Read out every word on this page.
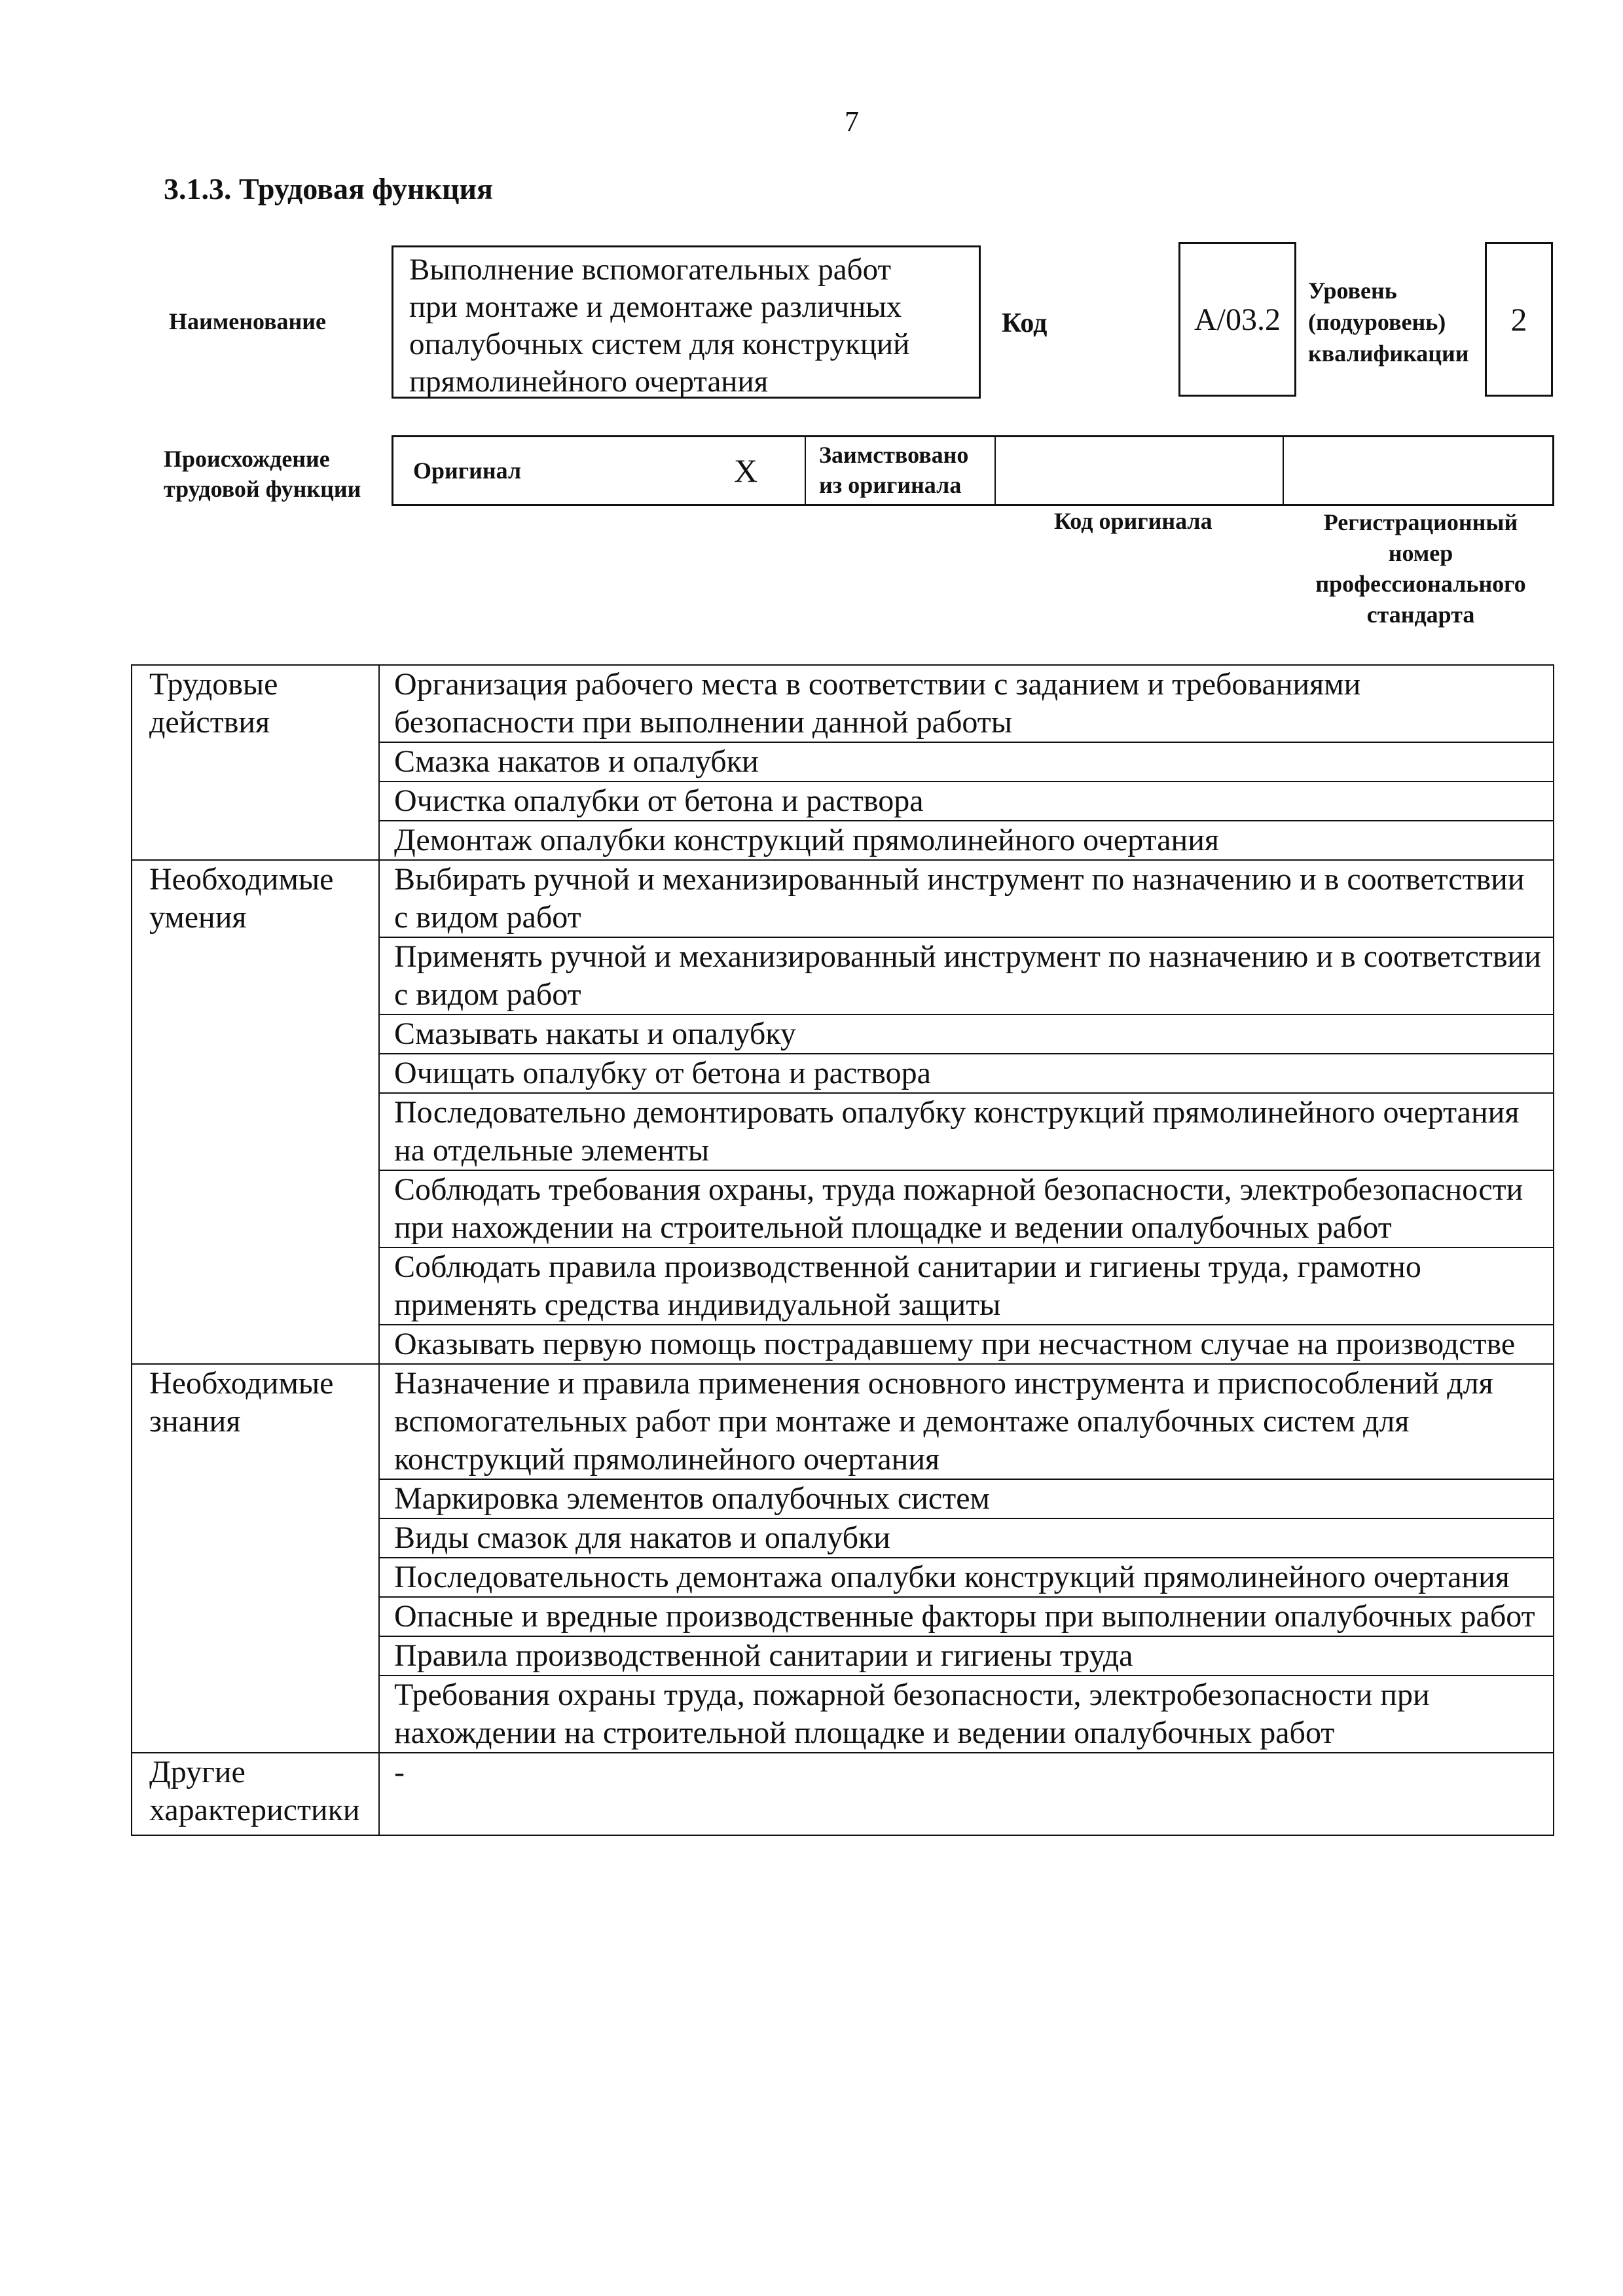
7
3.1.3. Трудовая функция
Наименование
Выполнение вспомогательных работ
при монтаже и демонтаже различных
опалубочных систем для конструкций
прямолинейного очертания
Код	А/03.2
Уровень
(подуровень)
квалификации
2
Происхождение
трудовой функции
Оригинал	X	Заимствовано
из оригинала
Код оригинала	Регистрационный
номер
профессионального
стандарта
Трудовые
действия	Организация рабочего места в соответствии с заданием и требованиями безопасности при выполнении данной работы
	Смазка накатов и опалубки
	Очистка опалубки от бетона и раствора
	Демонтаж опалубки конструкций прямолинейного очертания

Необходимые
умения	Выбирать ручной и механизированный инструмент по назначению и в соответствии с видом работ
	Применять ручной и механизированный инструмент по назначению и в соответствии с видом работ
	Смазывать накаты и опалубку
	Очищать опалубку от бетона и раствора
	Последовательно демонтировать опалубку конструкций прямолинейного очертания на отдельные элементы
	Соблюдать требования охраны, труда пожарной безопасности, электробезопасности при нахождении на строительной площадке и ведении опалубочных работ
	Соблюдать правила производственной санитарии и гигиены труда, грамотно применять средства индивидуальной защиты
	Оказывать первую помощь пострадавшему при несчастном случае на производстве

Необходимые
знания	Назначение и правила применения основного инструмента и приспособлений для вспомогательных работ при монтаже и демонтаже опалубочных систем для конструкций прямолинейного очертания
	Маркировка элементов опалубочных систем
	Виды смазок для накатов и опалубки
	Последовательность демонтажа опалубки конструкций прямолинейного очертания
	Опасные и вредные производственные факторы при выполнении опалубочных работ
	Правила производственной санитарии и гигиены труда
	Требования охраны труда, пожарной безопасности, электробезопасности при нахождении на строительной площадке и ведении опалубочных работ

Другие
характеристики	-
